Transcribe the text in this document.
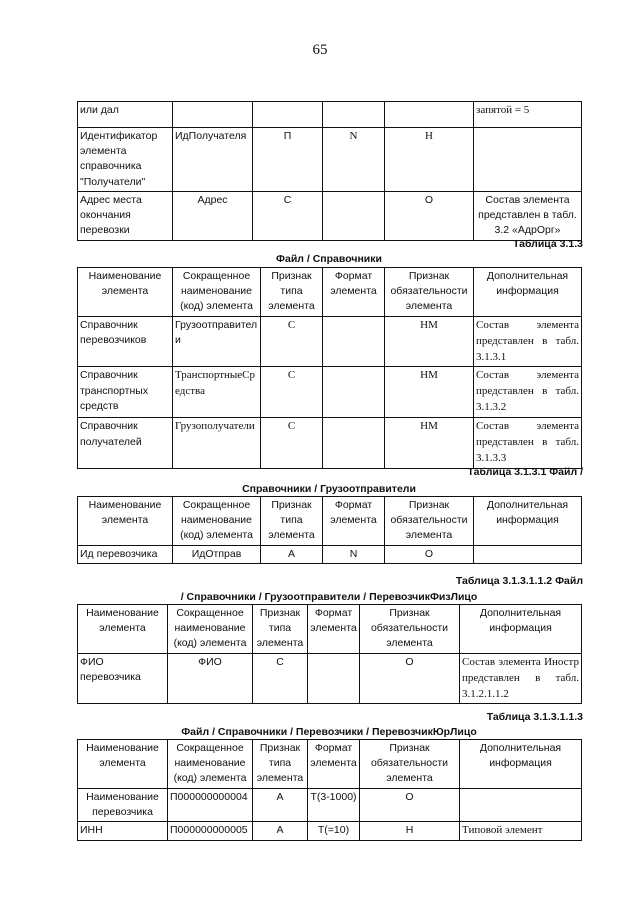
65
или дал					запятой = 5
Идентификатор элемента справочника "Получатели"	ИдПолучателя	П	N	Н	
Адрес места окончания перевозки	Адрес	С		О	Состав элемента представлен в табл. 3.2 «АдрОрг»
Таблица 3.1.3
Файл / Справочники
Наименование элемента	Сокращенное наименование (код) элемента	Признак типа элемента	Формат элемента	Признак обязательности элемента	Дополнительная информация
Справочник перевозчиков	Грузоотправител и	С		НМ	Состав элемента представлен в табл. 3.1.3.1
Справочник транспортных средств	ТранспортныеСр едства	С		НМ	Состав элемента представлен в табл. 3.1.3.2
Справочник получателей	Грузополучатели	С		НМ	Состав элемента представлен в табл. 3.1.3.3
Таблица 3.1.3.1 Файл /
Справочники / Грузоотправители
Наименование элемента	Сокращенное наименование (код) элемента	Признак типа элемента	Формат элемента	Признак обязательности элемента	Дополнительная информация
Ид перевозчика	ИдОтправ	А	N	О	
Таблица 3.1.3.1.1.2 Файл
/ Справочники / Грузоотправители / ПеревозчикФизЛицо
Наименование элемента	Сокращенное наименование (код) элемента	Признак типа элемента	Формат элемента	Признак обязательности элемента	Дополнительная информация
ФИО перевозчика	ФИО	С		О	Состав элемента Иностр представлен в табл. 3.1.2.1.1.2
Таблица 3.1.3.1.1.3
Файл / Справочники / Перевозчики / ПеревозчикЮрЛицо
Наименование элемента	Сокращенное наименование (код) элемента	Признак типа элемента	Формат элемента	Признак обязательности элемента	Дополнительная информация
Наименование перевозчика	П000000000004	А	Т(3-1000)	О	
ИНН	П000000000005	А	Т(=10)	Н	Типовой элемент
